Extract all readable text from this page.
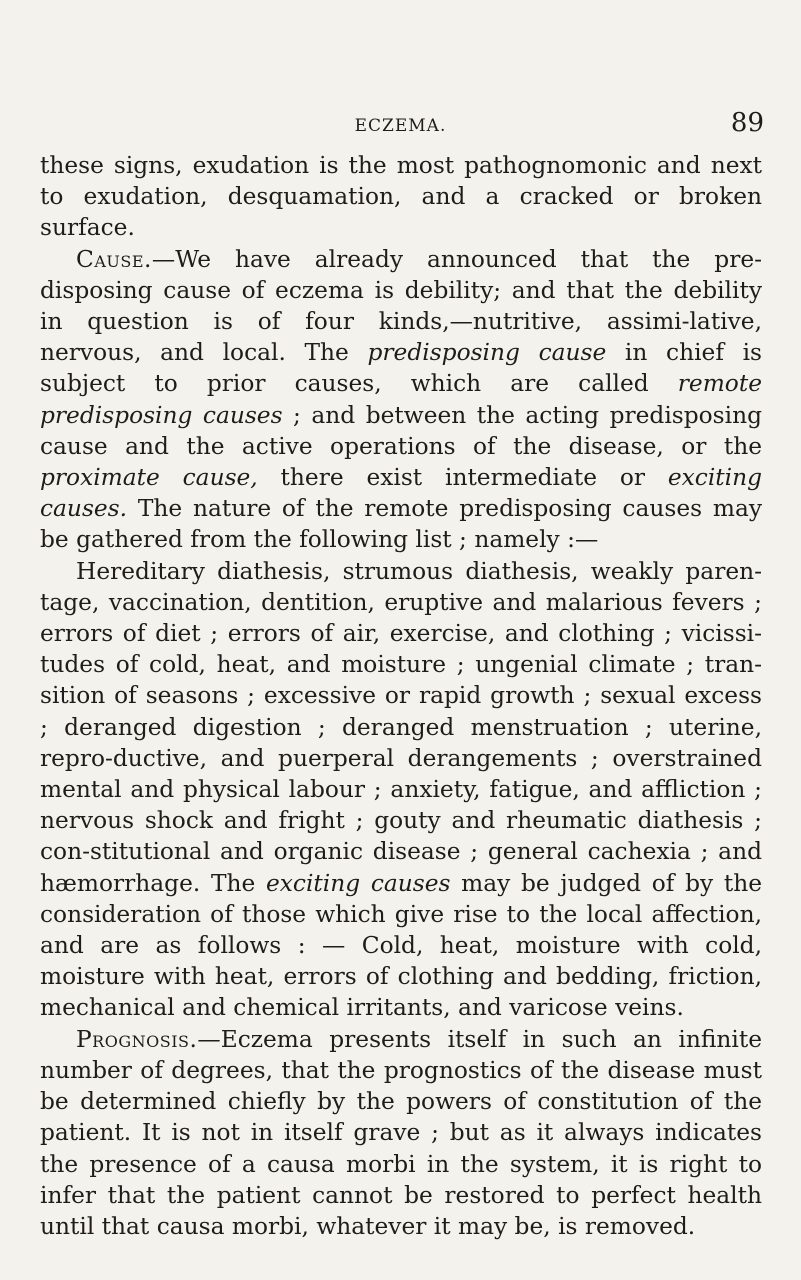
ECZEMA.	89

these signs, exudation is the most pathognomonic and next to exudation, desquamation, and a cracked or broken surface.

Cause.—We have already announced that the pre-disposing cause of eczema is debility; and that the debility in question is of four kinds,—nutritive, assimi-lative, nervous, and local. The predisposing cause in chief is subject to prior causes, which are called remote predisposing causes ; and between the acting predisposing cause and the active operations of the disease, or the proximate cause, there exist intermediate or exciting causes. The nature of the remote predisposing causes may be gathered from the following list ; namely :—

Hereditary diathesis, strumous diathesis, weakly paren-tage, vaccination, dentition, eruptive and malarious fevers ; errors of diet ; errors of air, exercise, and clothing ; vicissi-tudes of cold, heat, and moisture ; ungenial climate ; tran-sition of seasons ; excessive or rapid growth ; sexual excess ; deranged digestion ; deranged menstruation ; uterine, repro-ductive, and puerperal derangements ; overstrained mental and physical labour ; anxiety, fatigue, and affliction ; nervous shock and fright ; gouty and rheumatic diathesis ; con-stitutional and organic disease ; general cachexia ; and hæmorrhage. The exciting causes may be judged of by the consideration of those which give rise to the local affection, and are as follows : — Cold, heat, moisture with cold, moisture with heat, errors of clothing and bedding, friction, mechanical and chemical irritants, and varicose veins.

Prognosis.—Eczema presents itself in such an infinite number of degrees, that the prognostics of the disease must be determined chiefly by the powers of constitution of the patient. It is not in itself grave ; but as it always indicates the presence of a causa morbi in the system, it is right to infer that the patient cannot be restored to perfect health until that causa morbi, whatever it may be, is removed.
